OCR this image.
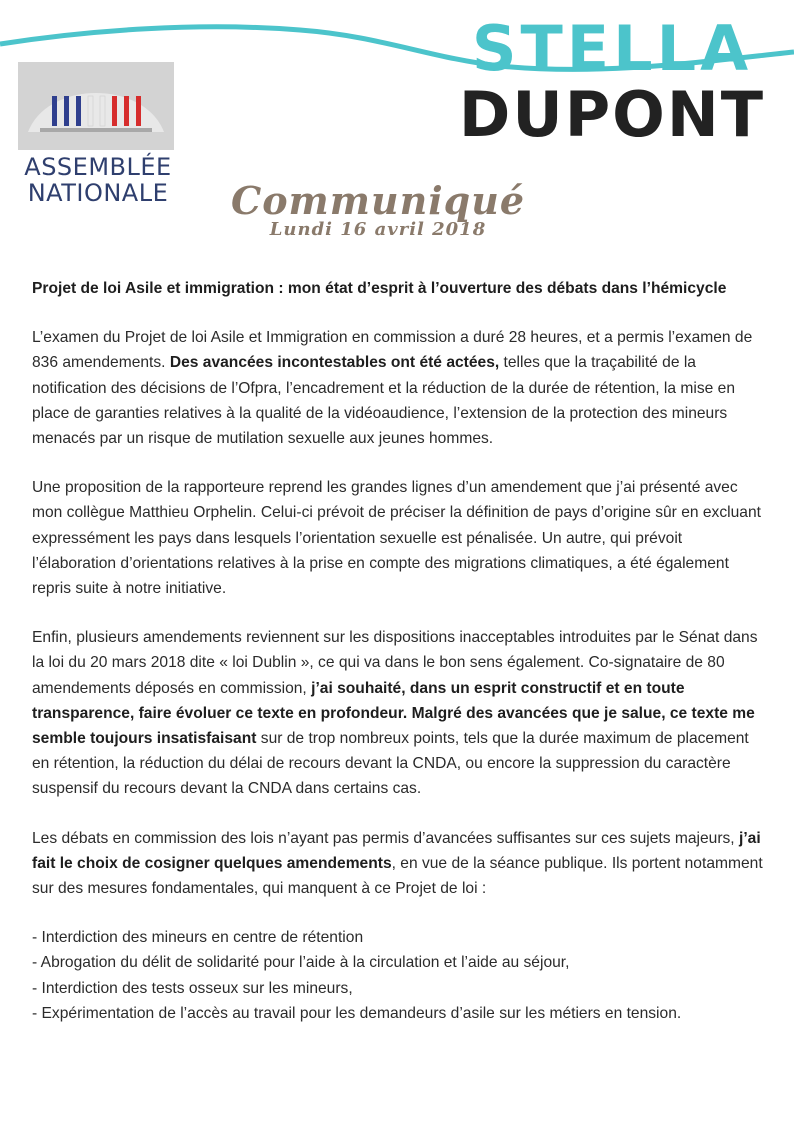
ASSEMBLÉE
NATIONALE
STELLA
DUPONT
Communiqué
Lundi 16 avril 2018

Projet de loi Asile et immigration : mon état d’esprit à l’ouverture des débats dans l’hémicycle

L’examen du Projet de loi Asile et Immigration en commission a duré 28 heures, et a permis l’examen de 836 amendements. Des avancées incontestables ont été actées, telles que la traçabilité de la notification des décisions de l’Ofpra, l’encadrement et la réduction de la durée de rétention, la mise en place de garanties relatives à la qualité de la vidéoaudience, l’extension de la protection des mineurs menacés par un risque de mutilation sexuelle aux jeunes hommes.

Une proposition de la rapporteure reprend les grandes lignes d’un amendement que j’ai présenté avec mon collègue Matthieu Orphelin. Celui-ci prévoit de préciser la définition de pays d’origine sûr en excluant expressément les pays dans lesquels l’orientation sexuelle est pénalisée. Un autre, qui prévoit l’élaboration d’orientations relatives à la prise en compte des migrations climatiques, a été également repris suite à notre initiative.

Enfin, plusieurs amendements reviennent sur les dispositions inacceptables introduites par le Sénat dans la loi du 20 mars 2018 dite « loi Dublin », ce qui va dans le bon sens également. Co-signataire de 80 amendements déposés en commission, j’ai souhaité, dans un esprit constructif et en toute transparence, faire évoluer ce texte en profondeur. Malgré des avancées que je salue, ce texte me semble toujours insatisfaisant sur de trop nombreux points, tels que la durée maximum de placement en rétention, la réduction du délai de recours devant la CNDA, ou encore la suppression du caractère suspensif du recours devant la CNDA dans certains cas.

Les débats en commission des lois n’ayant pas permis d’avancées suffisantes sur ces sujets majeurs, j’ai fait le choix de cosigner quelques amendements, en vue de la séance publique. Ils portent notamment sur des mesures fondamentales, qui manquent à ce Projet de loi :

- Interdiction des mineurs en centre de rétention
- Abrogation du délit de solidarité pour l’aide à la circulation et l’aide au séjour,
- Interdiction des tests osseux sur les mineurs,
- Expérimentation de l’accès au travail pour les demandeurs d’asile sur les métiers en tension.
